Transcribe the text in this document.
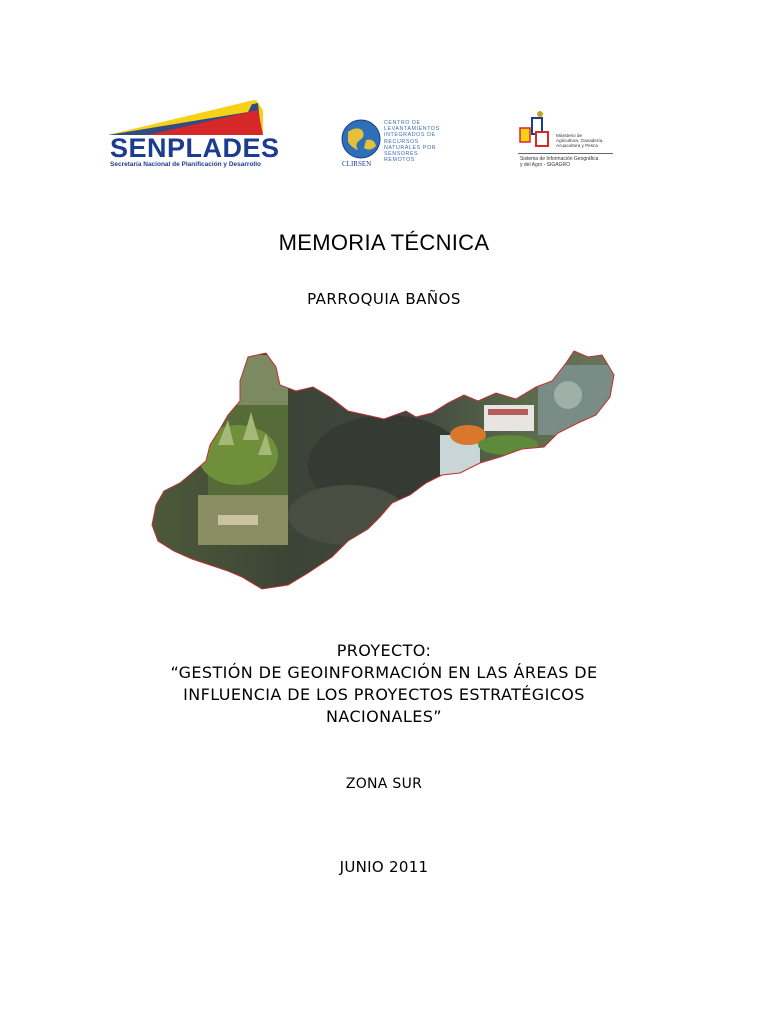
SENPLADES
Secretaría Nacional de Planificación y Desarrollo
CENTRO DE
LEVANTAMIENTOS
INTEGRADOS DE
RECURSOS
NATURALES POR
SENSORES
REMOTOS
CLIRSEN
Ministerio de
Agricultura, Ganadería,
Acuacultura y Pesca
Sistema de Información Geográfica
y del Agro - SIGAGRO
MEMORIA TÉCNICA
PARROQUIA BAÑOS
PROYECTO:
“GESTIÓN DE GEOINFORMACIÓN EN LAS ÁREAS DE
INFLUENCIA DE LOS PROYECTOS ESTRATÉGICOS
NACIONALES”
ZONA SUR
JUNIO 2011
